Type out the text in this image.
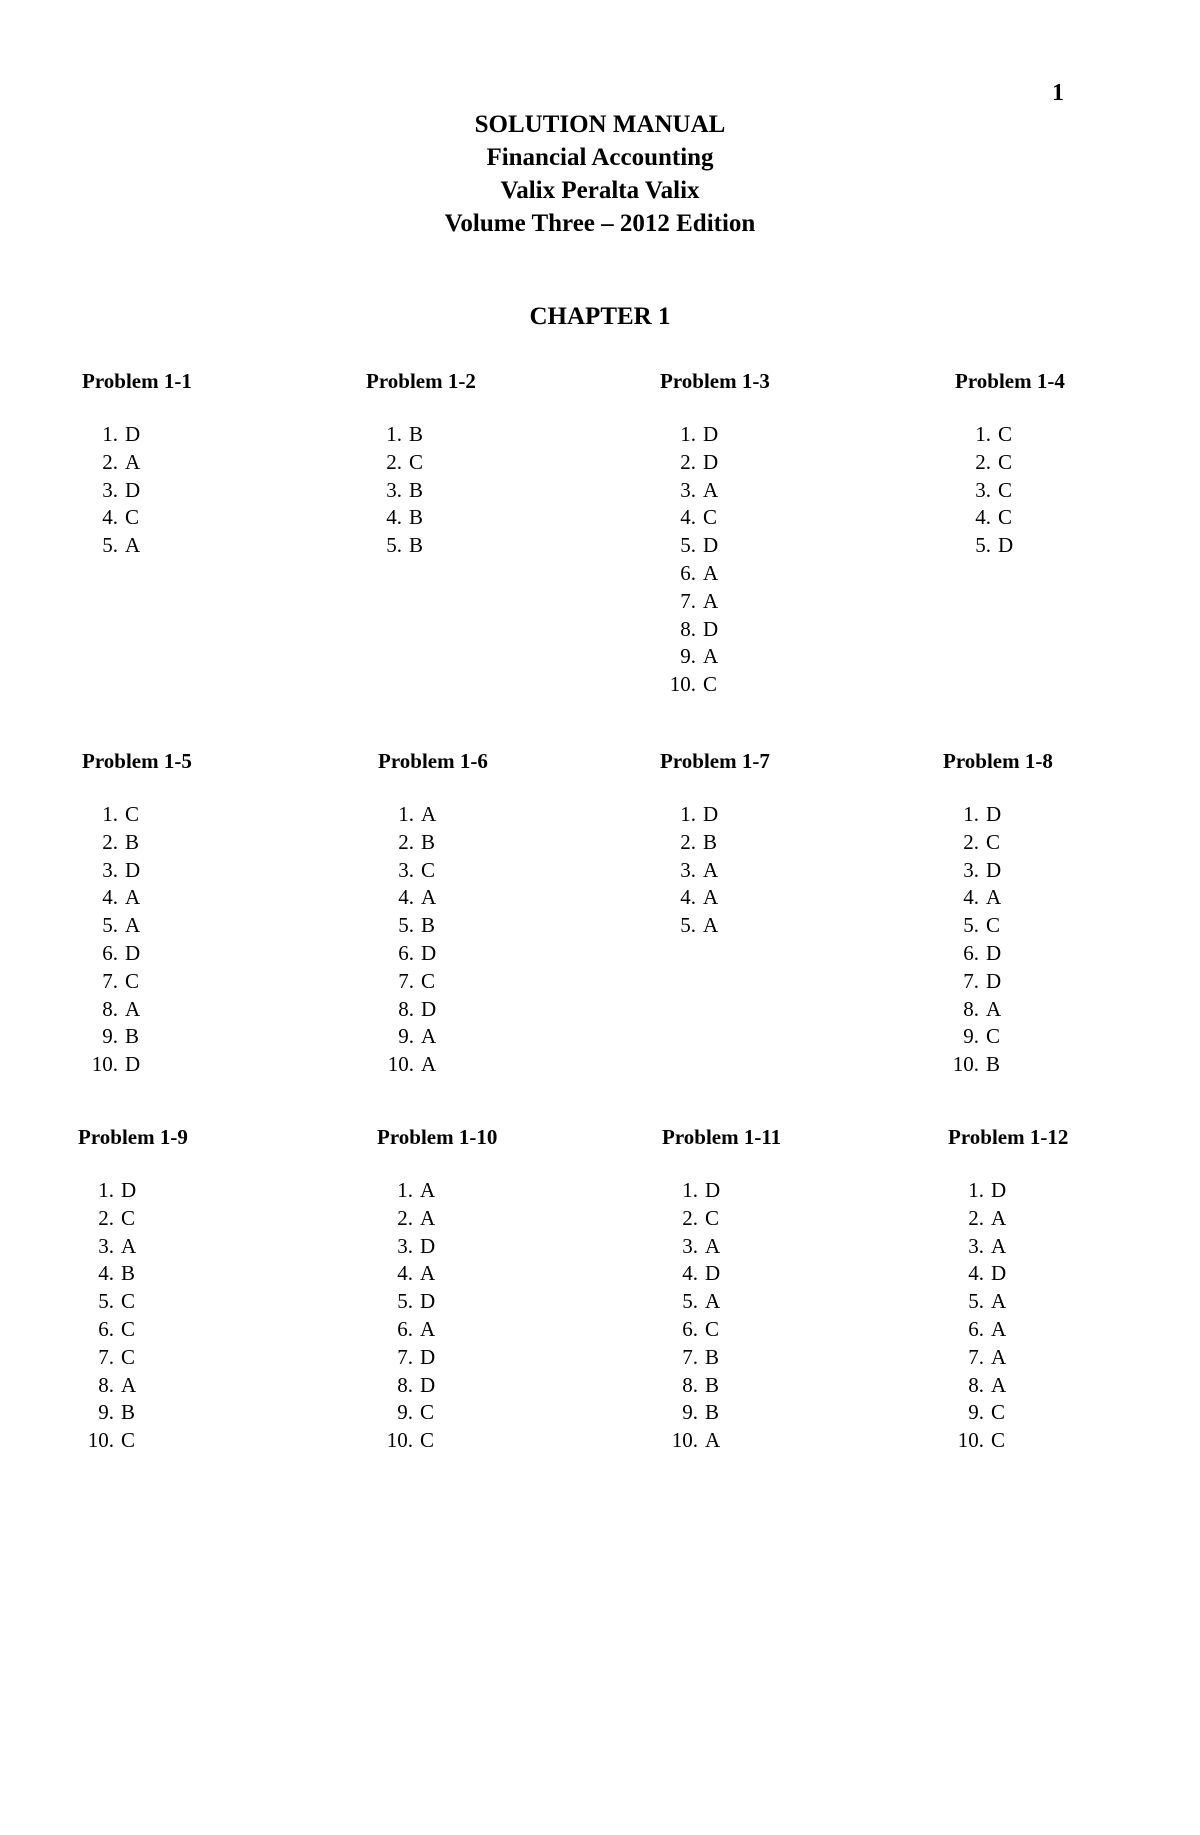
1
SOLUTION MANUAL
Financial Accounting
Valix Peralta Valix
Volume Three – 2012 Edition
CHAPTER 1
Problem 1-1
1. D
2. A
3. D
4. C
5. A
Problem 1-2
1. B
2. C
3. B
4. B
5. B
Problem 1-3
1. D
2. D
3. A
4. C
5. D
6. A
7. A
8. D
9. A
10. C
Problem 1-4
1. C
2. C
3. C
4. C
5. D
Problem 1-5
1. C
2. B
3. D
4. A
5. A
6. D
7. C
8. A
9. B
10. D
Problem 1-6
1. A
2. B
3. C
4. A
5. B
6. D
7. C
8. D
9. A
10. A
Problem 1-7
1. D
2. B
3. A
4. A
5. A
Problem 1-8
1. D
2. C
3. D
4. A
5. C
6. D
7. D
8. A
9. C
10. B
Problem 1-9
1. D
2. C
3. A
4. B
5. C
6. C
7. C
8. A
9. B
10. C
Problem 1-10
1. A
2. A
3. D
4. A
5. D
6. A
7. D
8. D
9. C
10. C
Problem 1-11
1. D
2. C
3. A
4. D
5. A
6. C
7. B
8. B
9. B
10. A
Problem 1-12
1. D
2. A
3. A
4. D
5. A
6. A
7. A
8. A
9. C
10. C
